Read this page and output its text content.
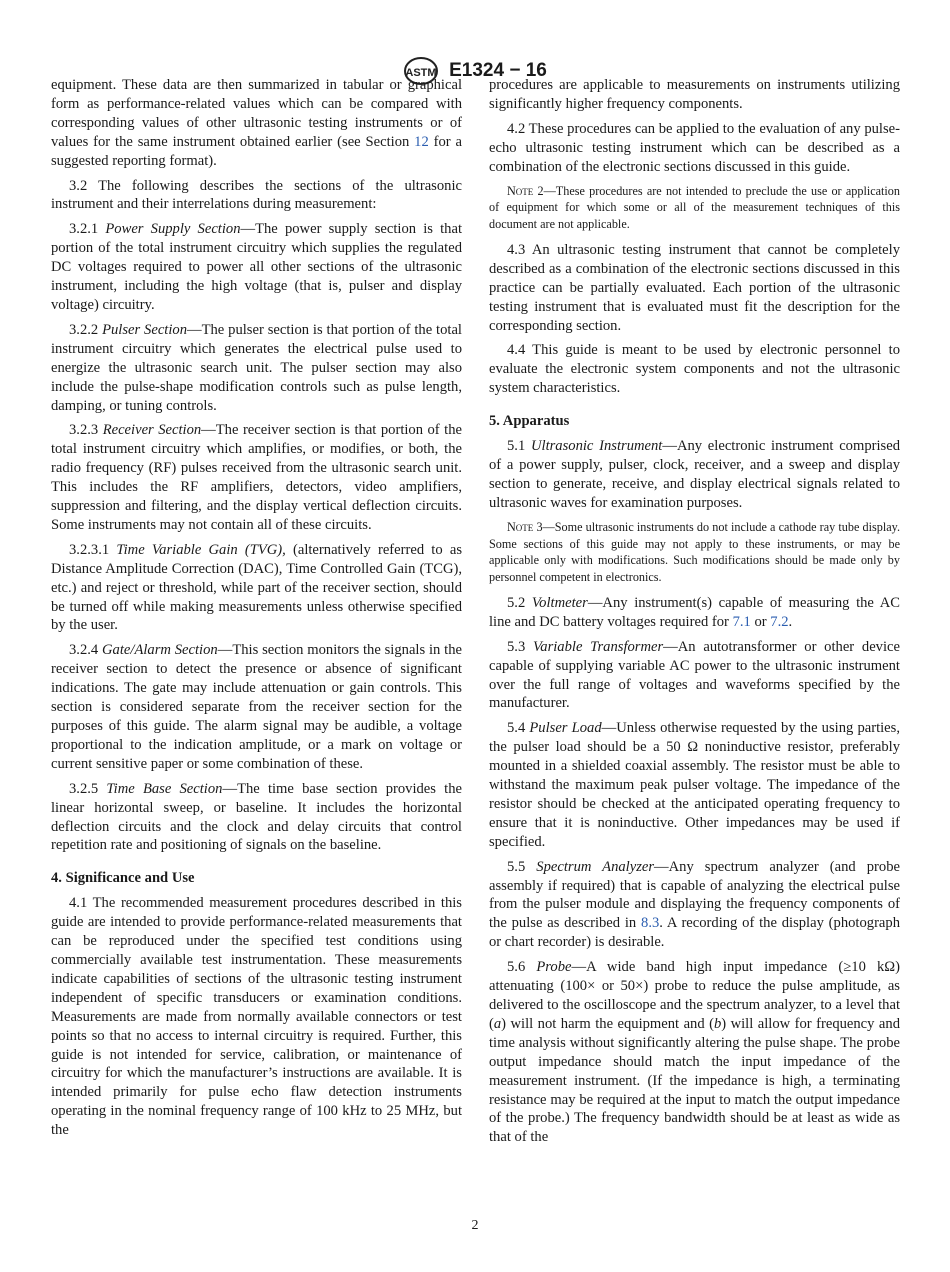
ASTM E1324 − 16

equipment. These data are then summarized in tabular or graphical form as performance-related values which can be compared with corresponding values of other ultrasonic testing instruments or of values for the same instrument obtained earlier (see Section 12 for a suggested reporting format).

3.2 The following describes the sections of the ultrasonic instrument and their interrelations during measurement:

3.2.1 Power Supply Section—The power supply section is that portion of the total instrument circuitry which supplies the regulated DC voltages required to power all other sections of the ultrasonic instrument, including the high voltage (that is, pulser and display voltage) circuitry.

3.2.2 Pulser Section—The pulser section is that portion of the total instrument circuitry which generates the electrical pulse used to energize the ultrasonic search unit. The pulser section may also include the pulse-shape modification controls such as pulse length, damping, or tuning controls.

3.2.3 Receiver Section—The receiver section is that portion of the total instrument circuitry which amplifies, or modifies, or both, the radio frequency (RF) pulses received from the ultrasonic search unit. This includes the RF amplifiers, detectors, video amplifiers, suppression and filtering, and the display vertical deflection circuits. Some instruments may not contain all of these circuits.

3.2.3.1 Time Variable Gain (TVG), (alternatively referred to as Distance Amplitude Correction (DAC), Time Controlled Gain (TCG), etc.) and reject or threshold, while part of the receiver section, should be turned off while making measurements unless otherwise specified by the user.

3.2.4 Gate/Alarm Section—This section monitors the signals in the receiver section to detect the presence or absence of significant indications. The gate may include attenuation or gain controls. This section is considered separate from the receiver section for the purposes of this guide. The alarm signal may be audible, a voltage proportional to the indication amplitude, or a mark on voltage or current sensitive paper or some combination of these.

3.2.5 Time Base Section—The time base section provides the linear horizontal sweep, or baseline. It includes the horizontal deflection circuits and the clock and delay circuits that control repetition rate and positioning of signals on the baseline.

4. Significance and Use

4.1 The recommended measurement procedures described in this guide are intended to provide performance-related measurements that can be reproduced under the specified test conditions using commercially available test instrumentation. These measurements indicate capabilities of sections of the ultrasonic testing instrument independent of specific transducers or examination conditions. Measurements are made from normally available connectors or test points so that no access to internal circuitry is required. Further, this guide is not intended for service, calibration, or maintenance of circuitry for which the manufacturer’s instructions are available. It is intended primarily for pulse echo flaw detection instruments operating in the nominal frequency range of 100 kHz to 25 MHz, but the

procedures are applicable to measurements on instruments utilizing significantly higher frequency components.

4.2 These procedures can be applied to the evaluation of any pulse-echo ultrasonic testing instrument which can be described as a combination of the electronic sections discussed in this guide.

Note 2—These procedures are not intended to preclude the use or application of equipment for which some or all of the measurement techniques of this document are not applicable.

4.3 An ultrasonic testing instrument that cannot be completely described as a combination of the electronic sections discussed in this practice can be partially evaluated. Each portion of the ultrasonic testing instrument that is evaluated must fit the description for the corresponding section.

4.4 This guide is meant to be used by electronic personnel to evaluate the electronic system components and not the ultrasonic system characteristics.

5. Apparatus

5.1 Ultrasonic Instrument—Any electronic instrument comprised of a power supply, pulser, clock, receiver, and a sweep and display section to generate, receive, and display electrical signals related to ultrasonic waves for examination purposes.

Note 3—Some ultrasonic instruments do not include a cathode ray tube display. Some sections of this guide may not apply to these instruments, or may be applicable only with modifications. Such modifications should be made only by personnel competent in electronics.

5.2 Voltmeter—Any instrument(s) capable of measuring the AC line and DC battery voltages required for 7.1 or 7.2.

5.3 Variable Transformer—An autotransformer or other device capable of supplying variable AC power to the ultrasonic instrument over the full range of voltages and waveforms specified by the manufacturer.

5.4 Pulser Load—Unless otherwise requested by the using parties, the pulser load should be a 50 Ω noninductive resistor, preferably mounted in a shielded coaxial assembly. The resistor must be able to withstand the maximum peak pulser voltage. The impedance of the resistor should be checked at the anticipated operating frequency to ensure that it is noninductive. Other impedances may be used if specified.

5.5 Spectrum Analyzer—Any spectrum analyzer (and probe assembly if required) that is capable of analyzing the electrical pulse from the pulser module and displaying the frequency components of the pulse as described in 8.3. A recording of the display (photograph or chart recorder) is desirable.

5.6 Probe—A wide band high input impedance (≥10 kΩ) attenuating (100× or 50×) probe to reduce the pulse amplitude, as delivered to the oscilloscope and the spectrum analyzer, to a level that (a) will not harm the equipment and (b) will allow for frequency and time analysis without significantly altering the pulse shape. The probe output impedance should match the input impedance of the measurement instrument. (If the impedance is high, a terminating resistance may be required at the input to match the output impedance of the probe.) The frequency bandwidth should be at least as wide as that of the

2
